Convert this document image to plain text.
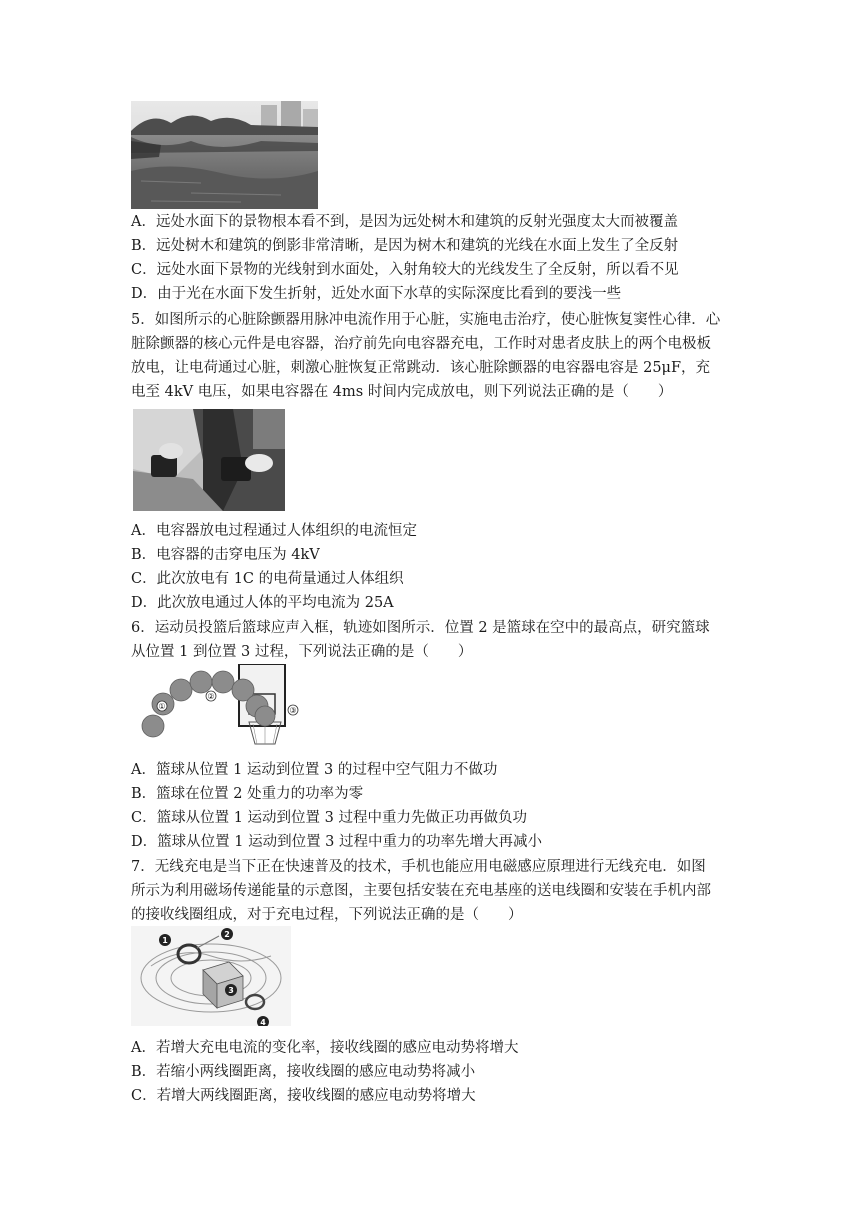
A．远处水面下的景物根本看不到，是因为远处树木和建筑的反射光强度太大而被覆盖
B．远处树木和建筑的倒影非常清晰，是因为树木和建筑的光线在水面上发生了全反射
C．远处水面下景物的光线射到水面处，入射角较大的光线发生了全反射，所以看不见
D．由于光在水面下发生折射，近处水面下水草的实际深度比看到的要浅一些
5．如图所示的心脏除颤器用脉冲电流作用于心脏，实施电击治疗，使心脏恢复窦性心律．心
脏除颤器的核心元件是电容器，治疗前先向电容器充电，工作时对患者皮肤上的两个电极板
放电，让电荷通过心脏，刺激心脏恢复正常跳动．该心脏除颤器的电容器电容是 25μF，充
电至 4kV 电压，如果电容器在 4ms 时间内完成放电，则下列说法正确的是（　　）
A．电容器放电过程通过人体组织的电流恒定
B．电容器的击穿电压为 4kV
C．此次放电有 1C 的电荷量通过人体组织
D．此次放电通过人体的平均电流为 25A
6．运动员投篮后篮球应声入框，轨迹如图所示．位置 2 是篮球在空中的最高点，研究篮球
从位置 1 到位置 3 过程，下列说法正确的是（　　）
①
②
③
A．篮球从位置 1 运动到位置 3 的过程中空气阻力不做功
B．篮球在位置 2 处重力的功率为零
C．篮球从位置 1 运动到位置 3 过程中重力先做正功再做负功
D．篮球从位置 1 运动到位置 3 过程中重力的功率先增大再减小
7．无线充电是当下正在快速普及的技术，手机也能应用电磁感应原理进行无线充电．如图
所示为利用磁场传递能量的示意图，主要包括安装在充电基座的送电线圈和安装在手机内部
的接收线圈组成，对于充电过程，下列说法正确的是（　　）
1
2
3
4
A．若增大充电电流的变化率，接收线圈的感应电动势将增大
B．若缩小两线圈距离，接收线圈的感应电动势将减小
C．若增大两线圈距离，接收线圈的感应电动势将增大
